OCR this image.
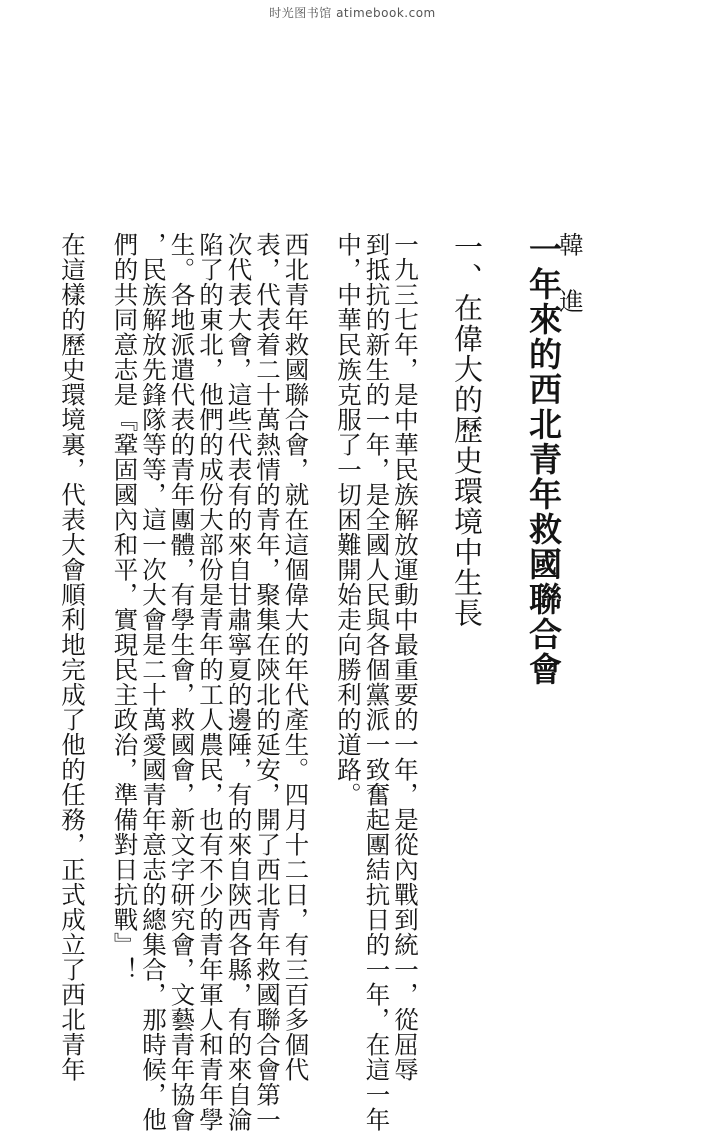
时光图书馆 atimebook.com
一年來的西北青年救國聯合會
一、在偉大的歷史環境中生長
一九三七年，是中華民族解放運動中最重要的一年，是從內戰到統一，從屈辱
到抵抗的新生的一年，是全國人民與各個黨派一致奮起團結抗日的一年，在這一年
中，中華民族克服了一切困難開始走向勝利的道路。
西北青年救國聯合會，就在這個偉大的年代產生。四月十二日，有三百多個代
表，代表着二十萬熱情的青年，聚集在陝北的延安，開了西北青年救國聯合會第一
次代表大會，這些代表有的來自甘肅寧夏的邊陲，有的來自陝西各縣，有的來自淪
陷了的東北，他們的成份大部份是青年的工人農民，也有不少的青年軍人和青年學
生。各地派遣代表的青年團體，有學生會，救國會，新文字研究會，文藝青年協會
，民族解放先鋒隊等等，這一次大會是二十萬愛國青年意志的總集合，那時候，他
們的共同意志是『鞏固國內和平，實現民主政治，準備對日抗戰』！
在這樣的歷史環境裏，代表大會順利地完成了他的任務，正式成立了西北青年	韓 進
